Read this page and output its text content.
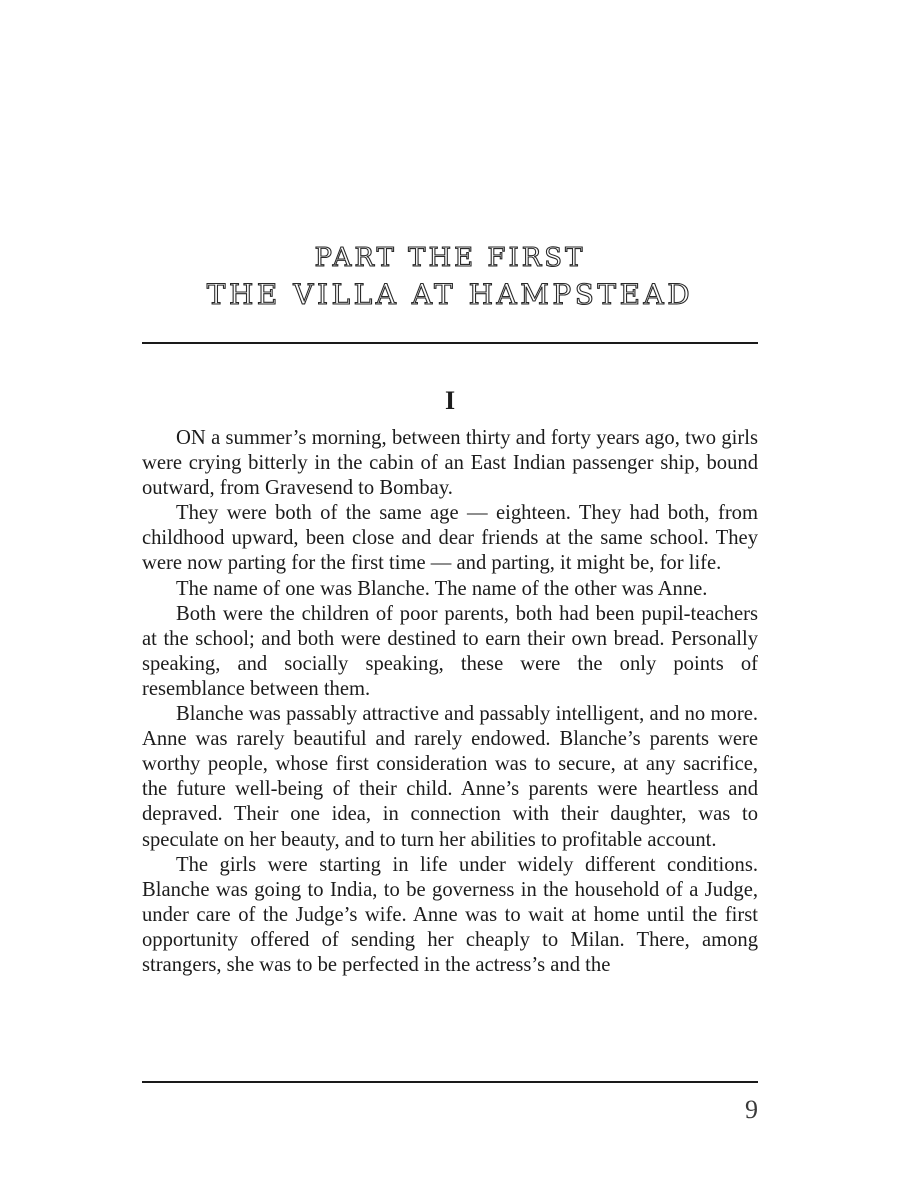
PART THE FIRST
THE VILLA AT HAMPSTEAD
I

ON a summer’s morning, between thirty and forty years ago, two girls were crying bitterly in the cabin of an East Indian passenger ship, bound outward, from Gravesend to Bombay.

They were both of the same age — eighteen. They had both, from childhood upward, been close and dear friends at the same school. They were now parting for the first time — and parting, it might be, for life.

The name of one was Blanche. The name of the other was Anne.

Both were the children of poor parents, both had been pupil-teachers at the school; and both were destined to earn their own bread. Personally speaking, and socially speaking, these were the only points of resemblance between them.

Blanche was passably attractive and passably intelligent, and no more. Anne was rarely beautiful and rarely endowed. Blanche’s parents were worthy people, whose first consideration was to secure, at any sacrifice, the future well-being of their child. Anne’s parents were heartless and depraved. Their one idea, in connection with their daughter, was to speculate on her beauty, and to turn her abilities to profitable account.

The girls were starting in life under widely different conditions. Blanche was going to India, to be governess in the household of a Judge, under care of the Judge’s wife. Anne was to wait at home until the first opportunity offered of sending her cheaply to Milan. There, among strangers, she was to be perfected in the actress’s and the

9
